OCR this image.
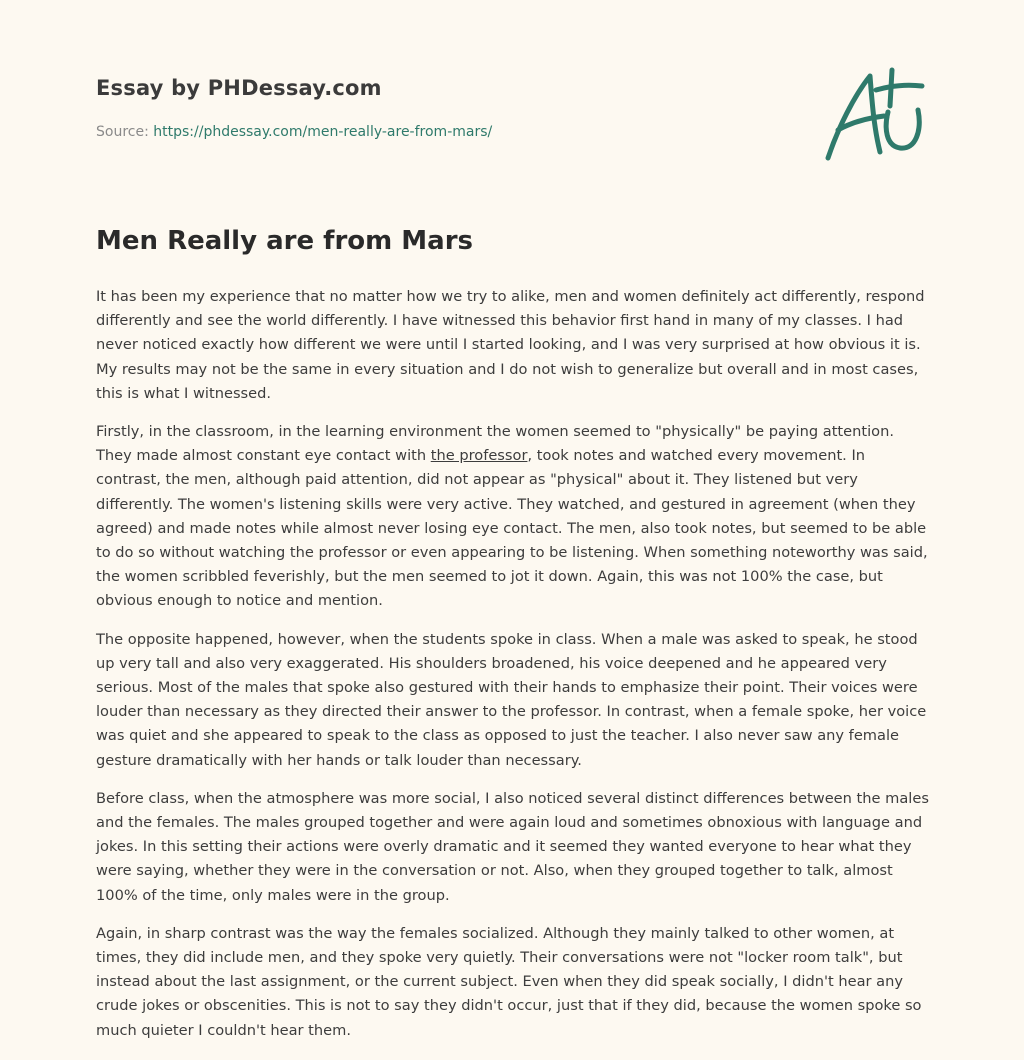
Essay by PHDessay.com
Source: https://phdessay.com/men-really-are-from-mars/
Men Really are from Mars

It has been my experience that no matter how we try to alike, men and women definitely act differently, respond differently and see the world differently. I have witnessed this behavior first hand in many of my classes. I had never noticed exactly how different we were until I started looking, and I was very surprised at how obvious it is. My results may not be the same in every situation and I do not wish to generalize but overall and in most cases, this is what I witnessed.

Firstly, in the classroom, in the learning environment the women seemed to "physically" be paying attention. They made almost constant eye contact with the professor, took notes and watched every movement. In contrast, the men, although paid attention, did not appear as "physical" about it. They listened but very differently. The women's listening skills were very active. They watched, and gestured in agreement (when they agreed) and made notes while almost never losing eye contact. The men, also took notes, but seemed to be able to do so without watching the professor or even appearing to be listening. When something noteworthy was said, the women scribbled feverishly, but the men seemed to jot it down. Again, this was not 100% the case, but obvious enough to notice and mention.

The opposite happened, however, when the students spoke in class. When a male was asked to speak, he stood up very tall and also very exaggerated. His shoulders broadened, his voice deepened and he appeared very serious. Most of the males that spoke also gestured with their hands to emphasize their point. Their voices were louder than necessary as they directed their answer to the professor. In contrast, when a female spoke, her voice was quiet and she appeared to speak to the class as opposed to just the teacher. I also never saw any female gesture dramatically with her hands or talk louder than necessary.

Before class, when the atmosphere was more social, I also noticed several distinct differences between the males and the females. The males grouped together and were again loud and sometimes obnoxious with language and jokes. In this setting their actions were overly dramatic and it seemed they wanted everyone to hear what they were saying, whether they were in the conversation or not. Also, when they grouped together to talk, almost 100% of the time, only males were in the group.

Again, in sharp contrast was the way the females socialized. Although they mainly talked to other women, at times, they did include men, and they spoke very quietly. Their conversations were not "locker room talk", but instead about the last assignment, or the current subject. Even when they did speak socially, I didn't hear any crude jokes or obscenities. This is not to say they didn't occur, just that if they did, because the women spoke so much quieter I couldn't hear them.
